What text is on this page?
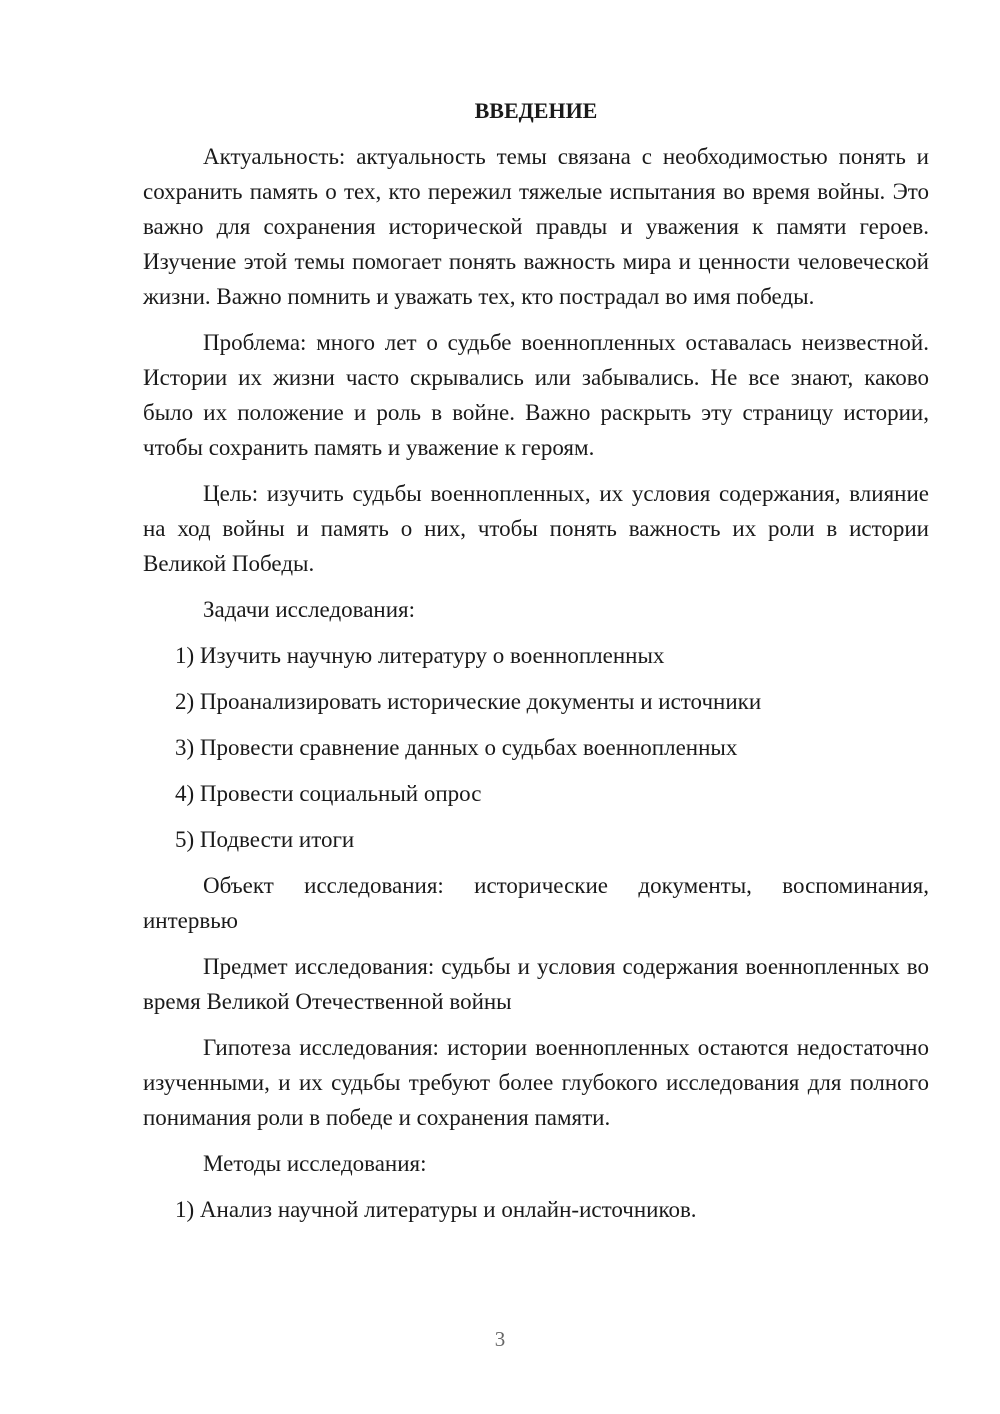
ВВЕДЕНИЕ

Актуальность: актуальность темы связана с необходимостью понять и сохранить память о тех, кто пережил тяжелые испытания во время войны. Это важно для сохранения исторической правды и уважения к памяти героев. Изучение этой темы помогает понять важность мира и ценности человеческой жизни. Важно помнить и уважать тех, кто пострадал во имя победы.

Проблема: много лет о судьбе военнопленных оставалась неизвестной. Истории их жизни часто скрывались или забывались. Не все знают, каково было их положение и роль в войне. Важно раскрыть эту страницу истории, чтобы сохранить память и уважение к героям.

Цель: изучить судьбы военнопленных, их условия содержания, влияние на ход войны и память о них, чтобы понять важность их роли в истории Великой Победы.

Задачи исследования:

1) Изучить научную литературу о военнопленных
2) Проанализировать исторические документы и источники
3) Провести сравнение данных о судьбах военнопленных
4) Провести социальный опрос
5) Подвести итоги

Объект исследования: исторические документы, воспоминания, интервью

Предмет исследования: судьбы и условия содержания военнопленных во время Великой Отечественной войны

Гипотеза исследования: истории военнопленных остаются недостаточно изученными, и их судьбы требуют более глубокого исследования для полного понимания роли в победе и сохранения памяти.

Методы исследования:

1) Анализ научной литературы и онлайн-источников.
3
